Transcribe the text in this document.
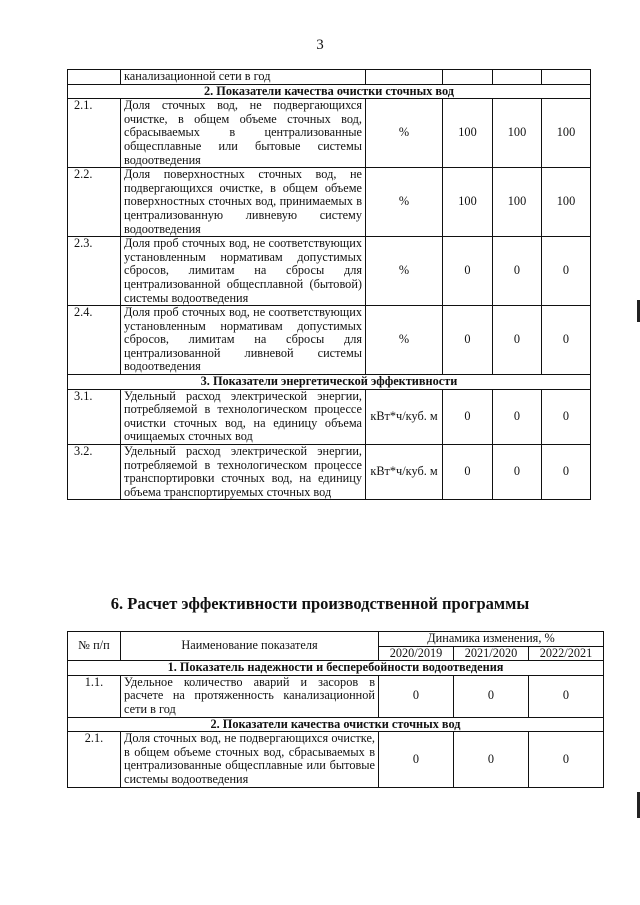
3
	канализационной сети в год				
2. Показатели качества очистки сточных вод					
2.1.	Доля сточных вод, не подвергающихся очистке, в общем объеме сточных вод, сбрасываемых в централизованные общесплавные или бытовые системы водоотведения	%	100	100	100
2.2.	Доля поверхностных сточных вод, не подвергающихся очистке, в общем объеме поверхностных сточных вод, принимаемых в централизованную ливневую систему водоотведения	%	100	100	100
2.3.	Доля проб сточных вод, не соответствующих установленным нормативам допустимых сбросов, лимитам на сбросы для централизованной общесплавной (бытовой) системы водоотведения	%	0	0	0
2.4.	Доля проб сточных вод, не соответствующих установленным нормативам допустимых сбросов, лимитам на сбросы для централизованной ливневой системы водоотведения	%	0	0	0
3. Показатели энергетической эффективности					
3.1.	Удельный расход электрической энергии, потребляемой в технологическом процессе очистки сточных вод, на единицу объема очищаемых сточных вод	кВт*ч/куб. м	0	0	0
3.2.	Удельный расход электрической энергии, потребляемой в технологическом процессе транспортировки сточных вод, на единицу объема транспортируемых сточных вод	кВт*ч/куб. м	0	0	0
6. Расчет эффективности производственной программы
№ п/п	Наименование показателя	Динамика изменения, %		
		2020/2019	2021/2020	2022/2021
1. Показатель надежности и бесперебойности водоотведения				
1.1.	Удельное количество аварий и засоров в расчете на протяженность канализационной сети в год	0	0	0
2. Показатели качества очистки сточных вод				
2.1.	Доля сточных вод, не подвергающихся очистке, в общем объеме сточных вод, сбрасываемых в централизованные общесплавные или бытовые системы водоотведения	0	0	0
